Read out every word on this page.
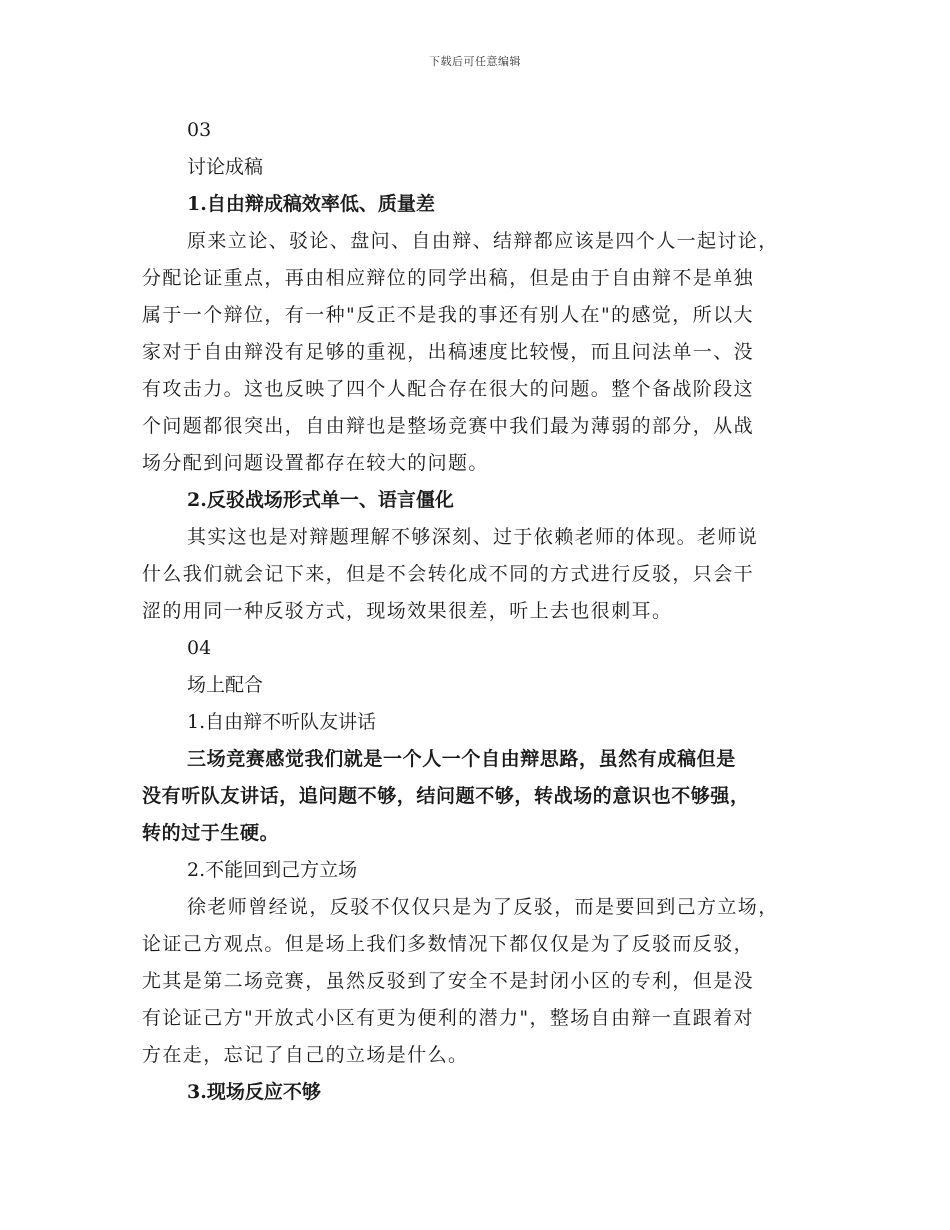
下载后可任意编辑
03
讨论成稿
1.自由辩成稿效率低、质量差
原来立论、驳论、盘问、自由辩、结辩都应该是四个人一起讨论，
分配论证重点，再由相应辩位的同学出稿，但是由于自由辩不是单独
属于一个辩位，有一种"反正不是我的事还有别人在"的感觉，所以大
家对于自由辩没有足够的重视，出稿速度比较慢，而且问法单一、没
有攻击力。这也反映了四个人配合存在很大的问题。整个备战阶段这
个问题都很突出，自由辩也是整场竞赛中我们最为薄弱的部分，从战
场分配到问题设置都存在较大的问题。
2.反驳战场形式单一、语言僵化
其实这也是对辩题理解不够深刻、过于依赖老师的体现。老师说
什么我们就会记下来，但是不会转化成不同的方式进行反驳，只会干
涩的用同一种反驳方式，现场效果很差，听上去也很刺耳。
04
场上配合
1.自由辩不听队友讲话
三场竞赛感觉我们就是一个人一个自由辩思路，虽然有成稿但是
没有听队友讲话，追问题不够，结问题不够，转战场的意识也不够强，
转的过于生硬。
2.不能回到己方立场
徐老师曾经说，反驳不仅仅只是为了反驳，而是要回到己方立场，
论证己方观点。但是场上我们多数情况下都仅仅是为了反驳而反驳，
尤其是第二场竞赛，虽然反驳到了安全不是封闭小区的专利，但是没
有论证己方"开放式小区有更为便利的潜力"，整场自由辩一直跟着对
方在走，忘记了自己的立场是什么。
3.现场反应不够
